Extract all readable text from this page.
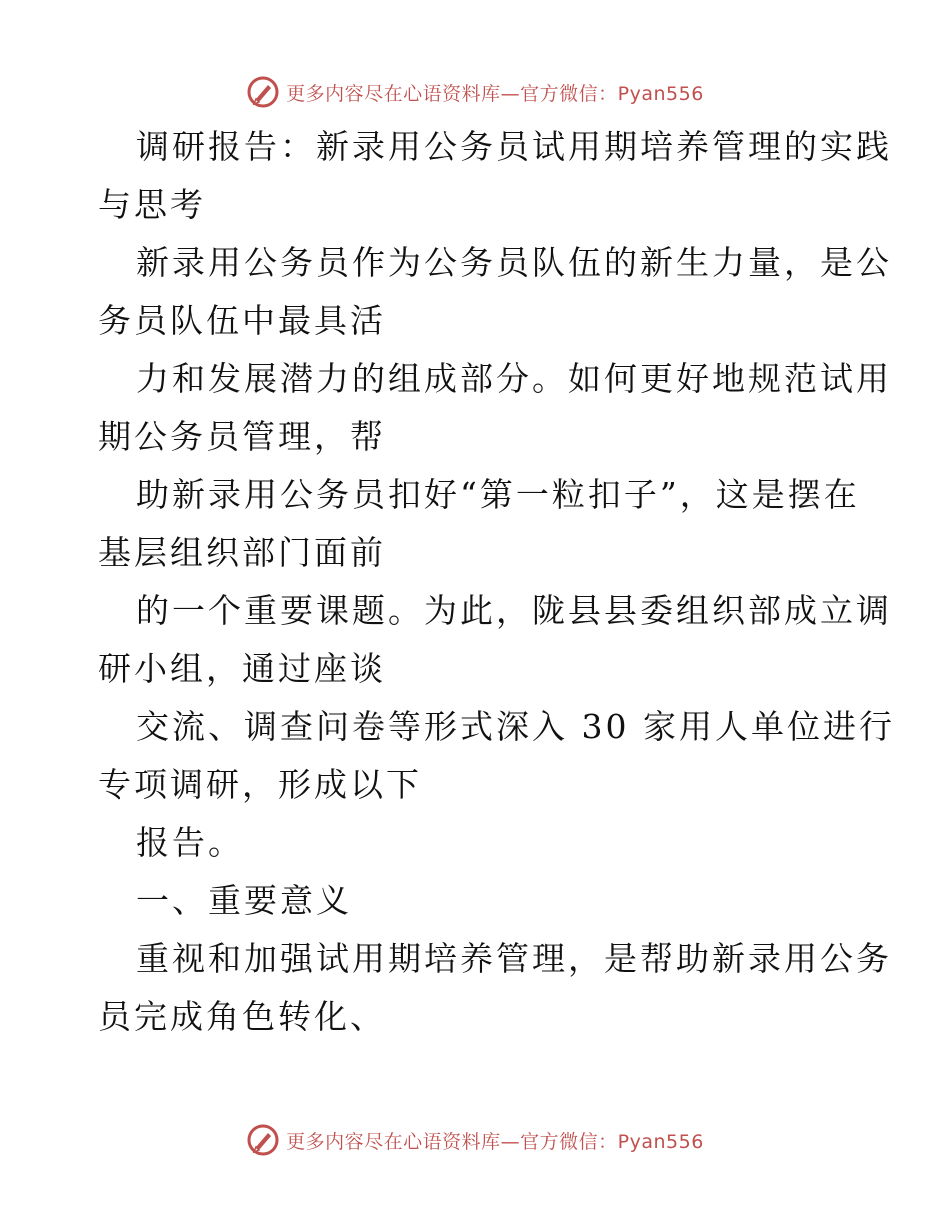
更多内容尽在心语资料库—官方微信：Pyan556

调研报告：新录用公务员试用期培养管理的实践

与思考

新录用公务员作为公务员队伍的新生力量，是公

务员队伍中最具活

力和发展潜力的组成部分。如何更好地规范试用

期公务员管理，帮

助新录用公务员扣好“第一粒扣子”，这是摆在

基层组织部门面前

的一个重要课题。为此，陇县县委组织部成立调

研小组，通过座谈

交流、调查问卷等形式深入 30 家用人单位进行

专项调研，形成以下

报告。

一、重要意义

重视和加强试用期培养管理，是帮助新录用公务

员完成角色转化、

更多内容尽在心语资料库—官方微信：Pyan556
